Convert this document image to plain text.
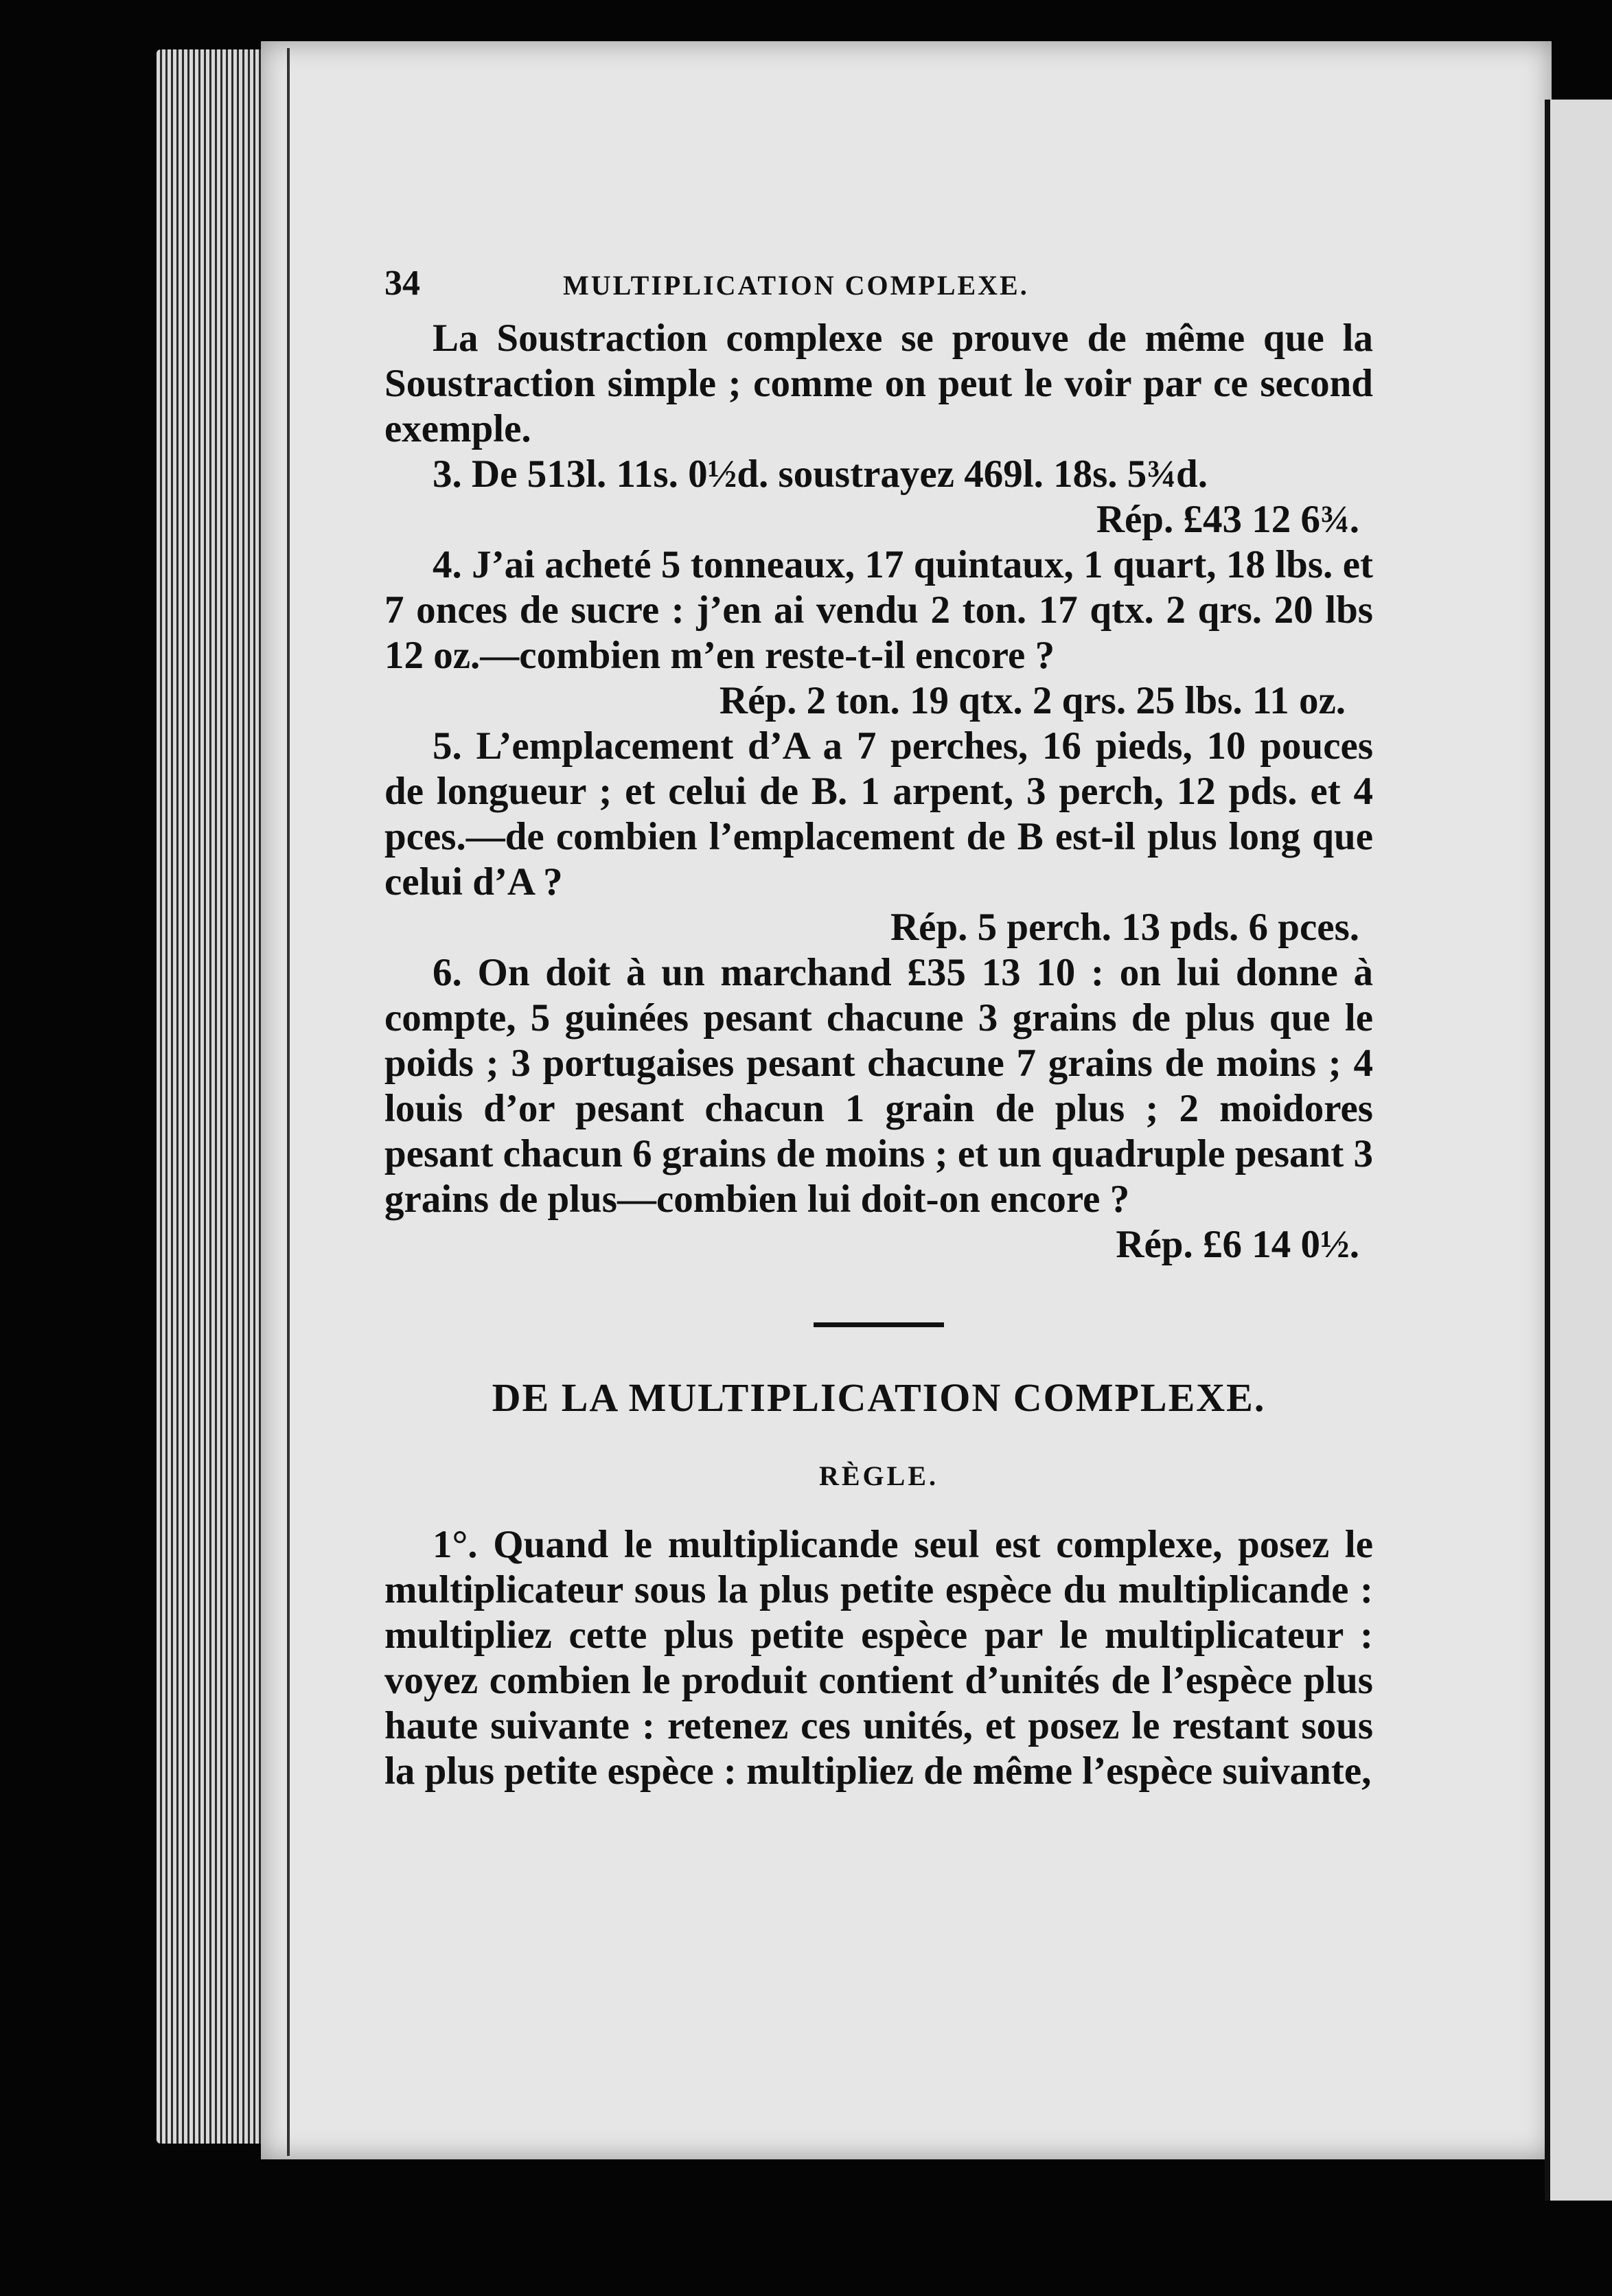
34	MULTIPLICATION COMPLEXE.

La Soustraction complexe se prouve de même que la Soustraction simple ; comme on peut le voir par ce second exemple.

3. De 513l. 11s. 0½d. soustrayez 469l. 18s. 5¾d.

Rép. £43 12 6¾.

4. J’ai acheté 5 tonneaux, 17 quintaux, 1 quart, 18 lbs. et 7 onces de sucre : j’en ai vendu 2 ton. 17 qtx. 2 qrs. 20 lbs 12 oz.—combien m’en reste-t-il encore ?

Rép. 2 ton. 19 qtx. 2 qrs. 25 lbs. 11 oz.

5. L’emplacement d’A a 7 perches, 16 pieds, 10 pouces de longueur ; et celui de B. 1 arpent, 3 perch, 12 pds. et 4 pces.—de combien l’emplacement de B est-il plus long que celui d’A ?

Rép. 5 perch. 13 pds. 6 pces.

6. On doit à un marchand £35 13 10 : on lui donne à compte, 5 guinées pesant chacune 3 grains de plus que le poids ; 3 portugaises pesant chacune 7 grains de moins ; 4 louis d’or pesant chacun 1 grain de plus ; 2 moidores pesant chacun 6 grains de moins ; et un quadruple pesant 3 grains de plus—combien lui doit-on encore ?

Rép. £6 14 0½.

DE LA MULTIPLICATION COMPLEXE.
RÈGLE.

1°. Quand le multiplicande seul est complexe, posez le multiplicateur sous la plus petite espèce du multiplicande : multipliez cette plus petite espèce par le multiplicateur : voyez combien le produit contient d’unités de l’espèce plus haute suivante : retenez ces unités, et posez le restant sous la plus petite espèce : multipliez de même l’espèce suivante,
